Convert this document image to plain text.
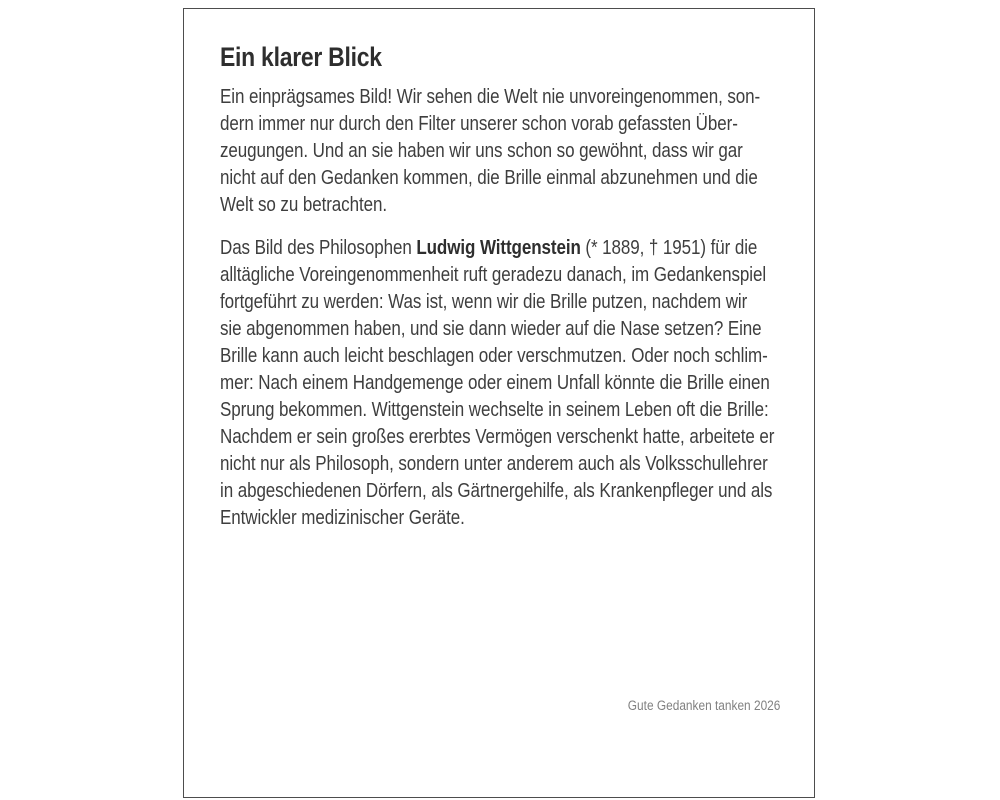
Ein klarer Blick
Ein einprägsames Bild! Wir sehen die Welt nie unvoreingenommen, son-
dern immer nur durch den Filter unserer schon vorab gefassten Über-
zeugungen. Und an sie haben wir uns schon so gewöhnt, dass wir gar
nicht auf den Gedanken kommen, die Brille einmal abzunehmen und die
Welt so zu betrachten.
Das Bild des Philosophen Ludwig Wittgenstein (* 1889, † 1951) für die
alltägliche Voreingenommenheit ruft geradezu danach, im Gedankenspiel
fortgeführt zu werden: Was ist, wenn wir die Brille putzen, nachdem wir
sie abgenommen haben, und sie dann wieder auf die Nase setzen? Eine
Brille kann auch leicht beschlagen oder verschmutzen. Oder noch schlim-
mer: Nach einem Handgemenge oder einem Unfall könnte die Brille einen
Sprung bekommen. Wittgenstein wechselte in seinem Leben oft die Brille:
Nachdem er sein großes ererbtes Vermögen verschenkt hatte, arbeitete er
nicht nur als Philosoph, sondern unter anderem auch als Volksschullehrer
in abgeschiedenen Dörfern, als Gärtnergehilfe, als Krankenpfleger und als
Entwickler medizinischer Geräte.
Gute Gedanken tanken 2026
